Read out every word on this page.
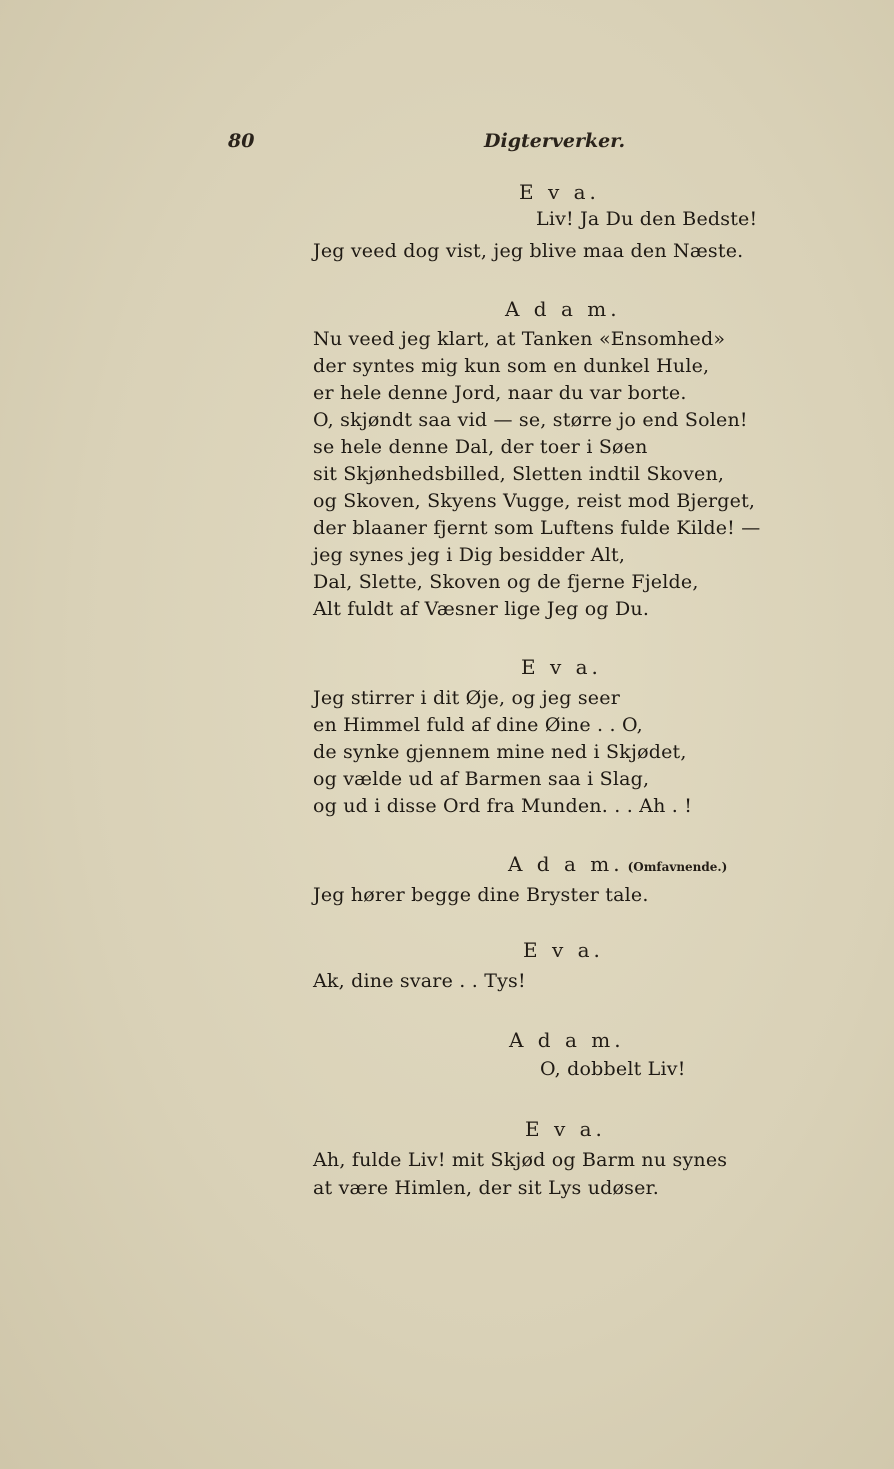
80	Digterverker.
E v a.
Liv! Ja Du den Bedste!
Jeg veed dog vist, jeg blive maa den Næste.
A d a m.
Nu veed jeg klart, at Tanken «Ensomhed»
der syntes mig kun som en dunkel Hule,
er hele denne Jord, naar du var borte.
O, skjøndt saa vid — se, større jo end Solen!
se hele denne Dal, der toer i Søen
sit Skjønhedsbilled, Sletten indtil Skoven,
og Skoven, Skyens Vugge, reist mod Bjerget,
der blaaner fjernt som Luftens fulde Kilde! —
jeg synes jeg i Dig besidder Alt,
Dal, Slette, Skoven og de fjerne Fjelde,
Alt fuldt af Væsner lige Jeg og Du.
E v a.
Jeg stirrer i dit Øje, og jeg seer
en Himmel fuld af dine Øine . . O,
de synke gjennem mine ned i Skjødet,
og vælde ud af Barmen saa i Slag,
og ud i disse Ord fra Munden. . . Ah . !
A d a m. (Omfavnende.)
Jeg hører begge dine Bryster tale.
E v a.
Ak, dine svare . . Tys!
A d a m.
O, dobbelt Liv!
E v a.
Ah, fulde Liv! mit Skjød og Barm nu synes
at være Himlen, der sit Lys udøser.
